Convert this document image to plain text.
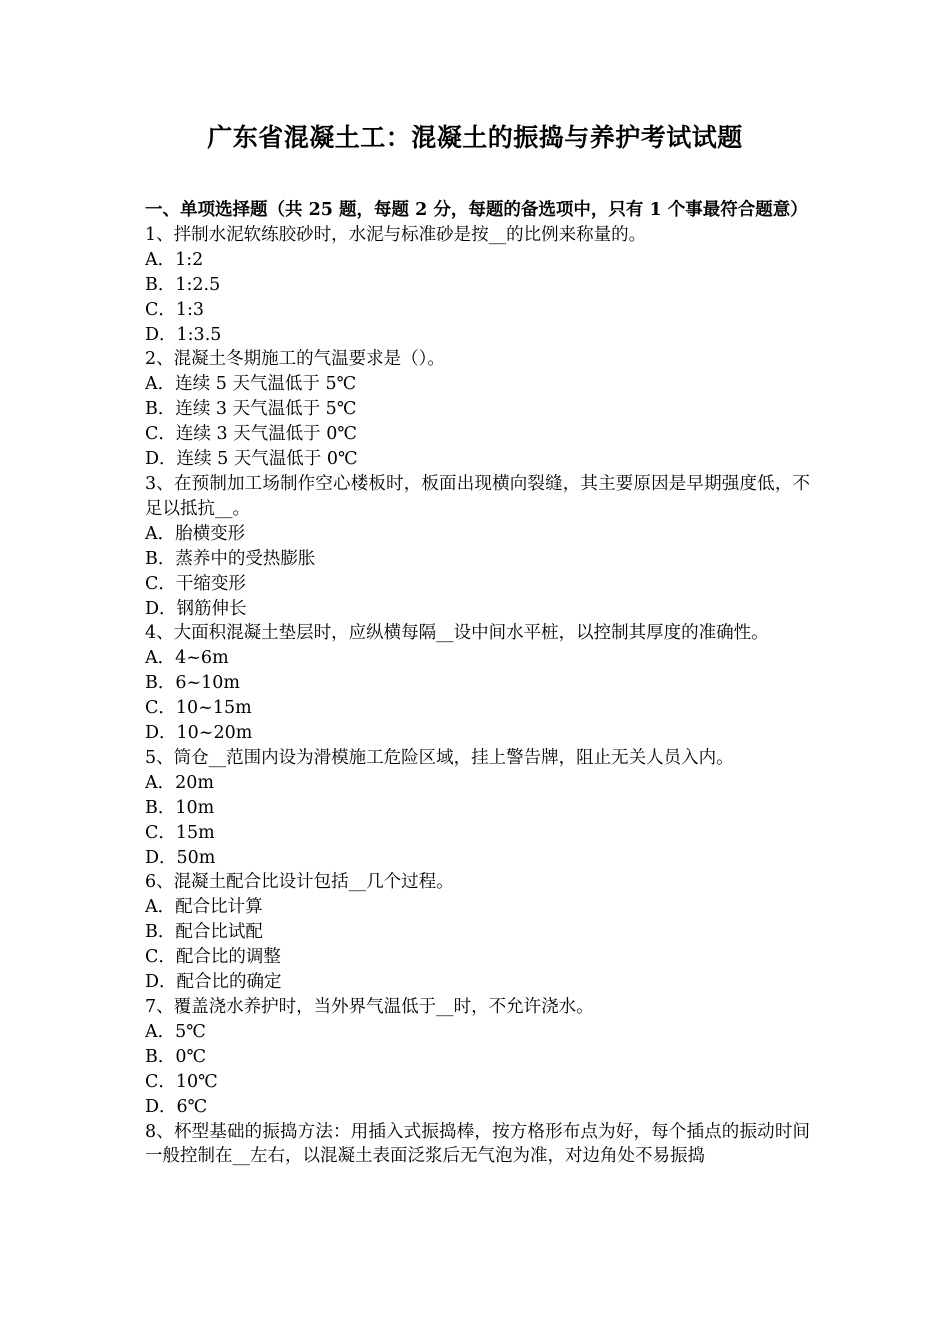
广东省混凝土工：混凝土的振捣与养护考试试题
一、单项选择题（共 25 题，每题 2 分，每题的备选项中，只有 1 个事最符合题意）
1、拌制水泥软练胶砂时，水泥与标准砂是按__的比例来称量的。
A．1:2
B．1:2.5
C．1:3
D．1:3.5
2、混凝土冬期施工的气温要求是（）。
A．连续 5 天气温低于 5℃
B．连续 3 天气温低于 5℃
C．连续 3 天气温低于 0℃
D．连续 5 天气温低于 0℃
3、在预制加工场制作空心楼板时，板面出现横向裂缝，其主要原因是早期强度低，不足以抵抗__。
A．胎横变形
B．蒸养中的受热膨胀
C．干缩变形
D．钢筋伸长
4、大面积混凝土垫层时，应纵横每隔__设中间水平桩，以控制其厚度的准确性。
A．4~6m
B．6~10m
C．10~15m
D．10~20m
5、筒仓__范围内设为滑模施工危险区域，挂上警告牌，阻止无关人员入内。
A．20m
B．10m
C．15m
D．50m
6、混凝土配合比设计包括__几个过程。
A．配合比计算
B．配合比试配
C．配合比的调整
D．配合比的确定
7、覆盖浇水养护时，当外界气温低于__时，不允许浇水。
A．5℃
B．0℃
C．10℃
D．6℃
8、杯型基础的振捣方法：用插入式振捣棒，按方格形布点为好，每个插点的振动时间一般控制在__左右，以混凝土表面泛浆后无气泡为准，对边角处不易振捣
